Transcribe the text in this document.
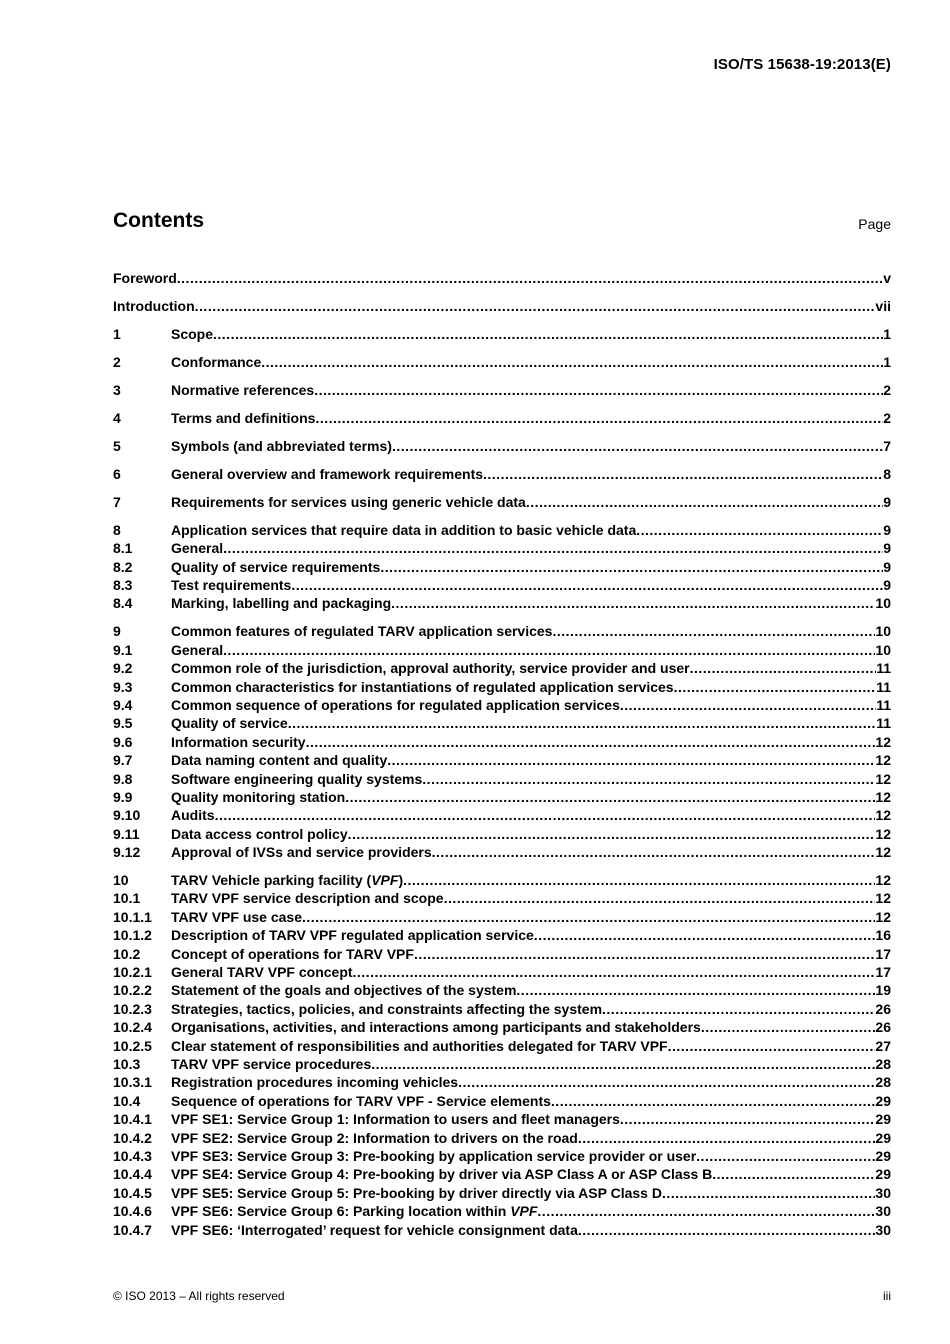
ISO/TS 15638-19:2013(E)
Contents	Page
Foreword .....	v
Introduction .....	vii
1	Scope .....	1
2	Conformance .....	1
3	Normative references .....	2
4	Terms and definitions .....	2
5	Symbols (and abbreviated terms) .....	7
6	General overview and framework requirements .....	8
7	Requirements for services using generic vehicle data .....	9
8	Application services that require data in addition to basic vehicle data .....	9
8.1	General .....	9
8.2	Quality of service requirements .....	9
8.3	Test requirements .....	9
8.4	Marking, labelling and packaging .....	10
9	Common features of regulated TARV application services .....	10
9.1	General .....	10
9.2	Common role of the jurisdiction, approval authority, service provider and user .....	11
9.3	Common characteristics for instantiations of regulated application services .....	11
9.4	Common sequence of operations for regulated application services .....	11
9.5	Quality of service .....	11
9.6	Information security .....	12
9.7	Data naming content and quality .....	12
9.8	Software engineering quality systems .....	12
9.9	Quality monitoring station .....	12
9.10	Audits .....	12
9.11	Data access control policy .....	12
9.12	Approval of IVSs and service providers .....	12
10	TARV Vehicle parking facility (VPF) .....	12
10.1	TARV VPF service description and scope .....	12
10.1.1	TARV VPF use case .....	12
10.1.2	Description of TARV VPF regulated application service .....	16
10.2	Concept of operations for TARV VPF .....	17
10.2.1	General TARV VPF concept .....	17
10.2.2	Statement of the goals and objectives of the system .....	19
10.2.3	Strategies, tactics, policies, and constraints affecting the system .....	26
10.2.4	Organisations, activities, and interactions among participants and stakeholders .....	26
10.2.5	Clear statement of responsibilities and authorities delegated for TARV VPF .....	27
10.3	TARV VPF service procedures .....	28
10.3.1	Registration procedures incoming vehicles .....	28
10.4	Sequence of operations for TARV VPF - Service elements .....	29
10.4.1	VPF SE1: Service Group 1: Information to users and fleet managers .....	29
10.4.2	VPF SE2: Service Group 2: Information to drivers on the road .....	29
10.4.3	VPF SE3: Service Group 3: Pre-booking by application service provider or user .....	29
10.4.4	VPF SE4: Service Group 4: Pre-booking by driver via ASP Class A or ASP Class B .....	29
10.4.5	VPF SE5: Service Group 5: Pre-booking by driver directly via ASP Class D .....	30
10.4.6	VPF SE6: Service Group 6: Parking location within VPF .....	30
10.4.7	VPF SE6: ‘Interrogated’ request for vehicle consignment data .....	30
© ISO 2013 – All rights reserved	iii
